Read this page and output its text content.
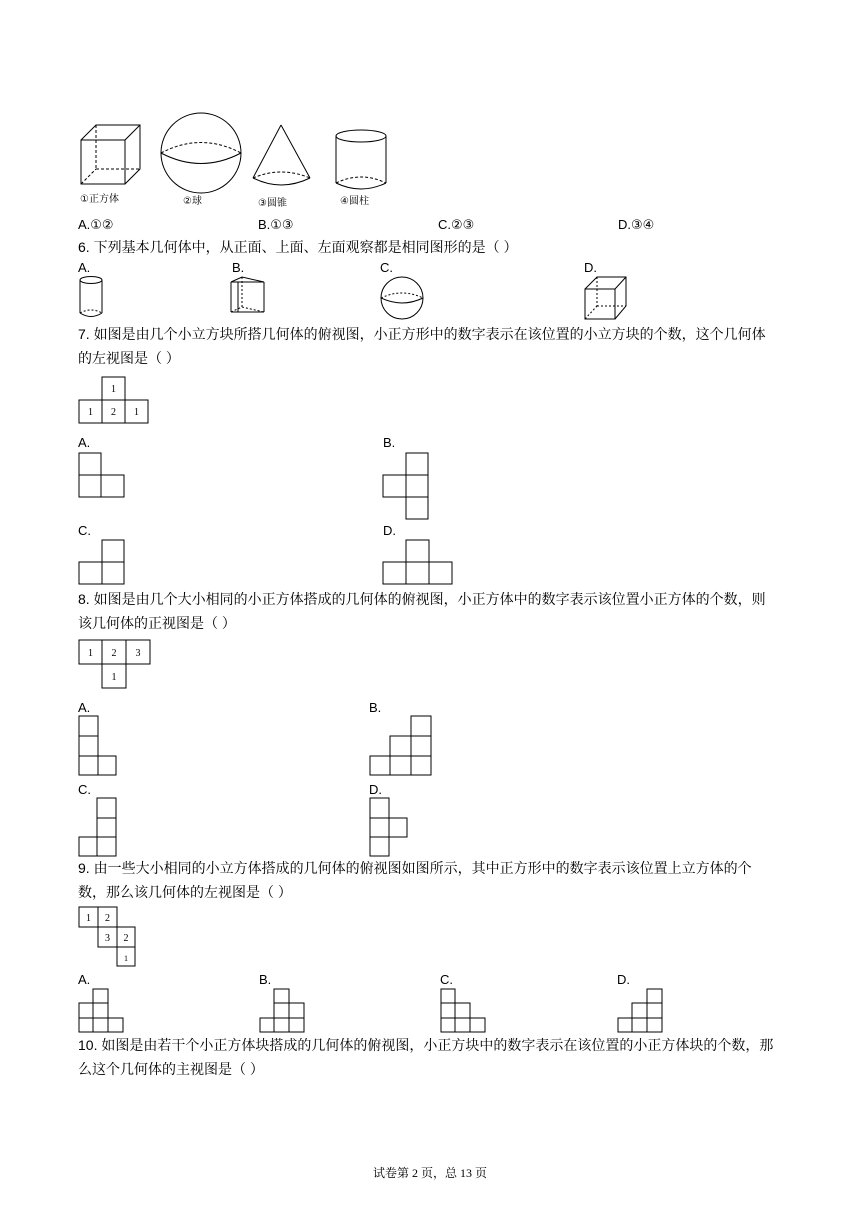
①正方体	②球	③圆锥	④圆柱
A.①②	B.①③	C.②③	D.③④
6. 下列基本几何体中，从正面、上面、左面观察都是相同图形的是（ ）
A.	B.	C.	D.
7. 如图是由几个小立方块所搭几何体的俯视图，小正方形中的数字表示在该位置的小立方块的个数，这个几何体的左视图是（ ）
1
1 2 1
A.	B.
C.	D.
8. 如图是由几个大小相同的小正方体搭成的几何体的俯视图，小正方体中的数字表示该位置小正方体的个数，则该几何体的正视图是（ ）
1 2 3
1
A.	B.
C.	D.
9. 由一些大小相同的小立方体搭成的几何体的俯视图如图所示，其中正方形中的数字表示该位置上立方体的个数，那么该几何体的左视图是（ ）
1 2
3 2
1
A.	B.	C.	D.
10. 如图是由若干个小正方体块搭成的几何体的俯视图，小正方块中的数字表示在该位置的小正方体块的个数，那么这个几何体的主视图是（ ）
试卷第 2 页，总 13 页
